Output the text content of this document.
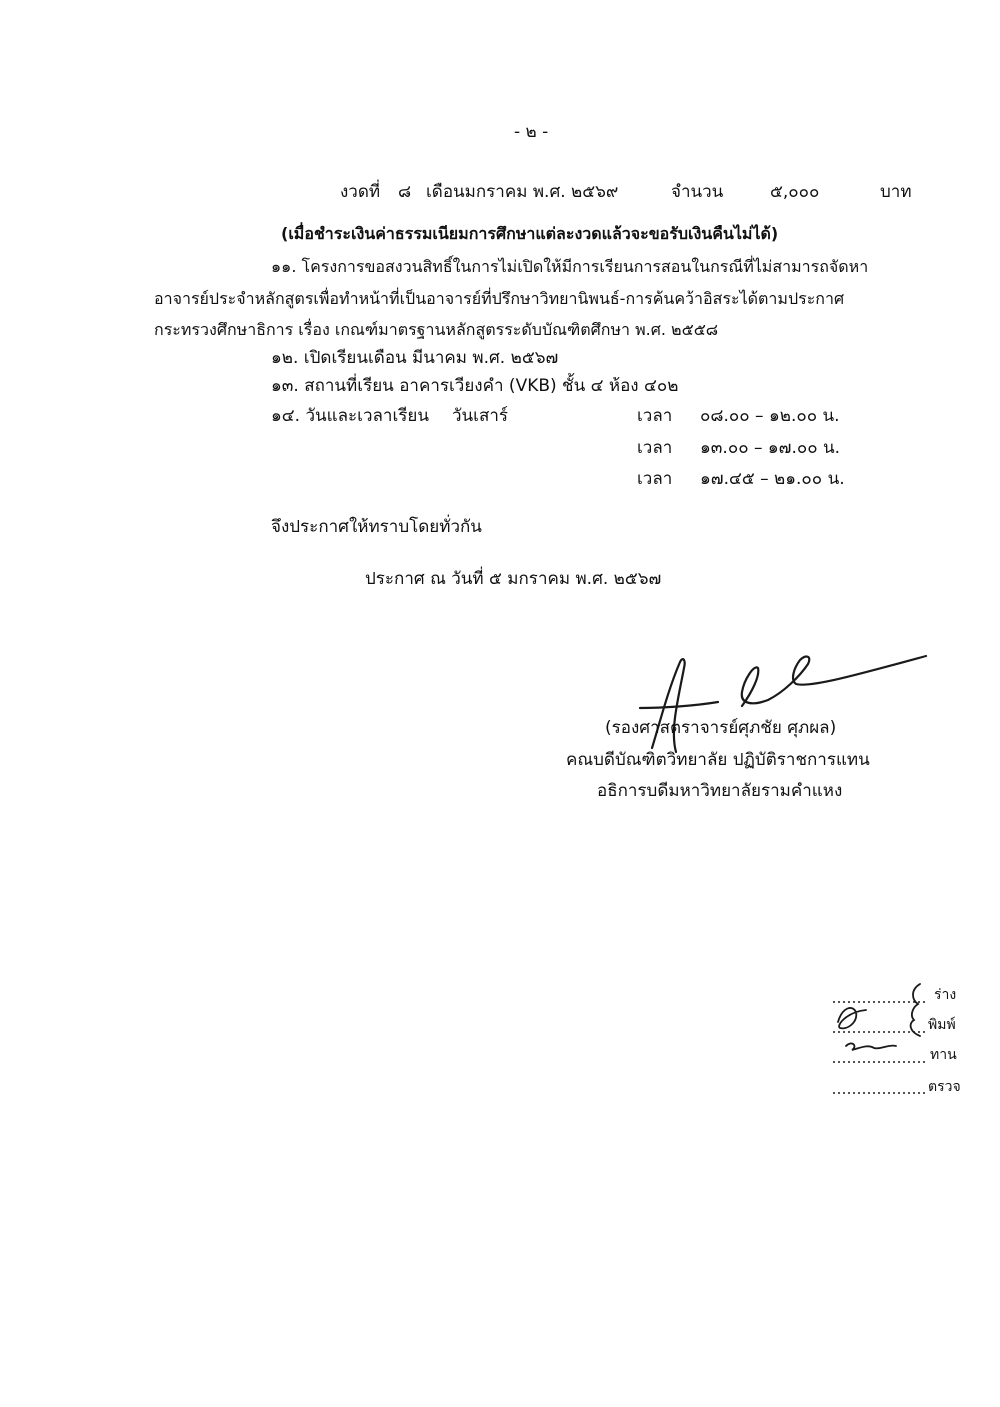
- ๒ -
งวดที่ ๘ เดือนมกราคม พ.ศ. ๒๕๖๙	จำนวน	๕,๐๐๐	บาท
(เมื่อชำระเงินค่าธรรมเนียมการศึกษาแต่ละงวดแล้วจะขอรับเงินคืนไม่ได้)
๑๑. โครงการขอสงวนสิทธิ์ในการไม่เปิดให้มีการเรียนการสอนในกรณีที่ไม่สามารถจัดหา
อาจารย์ประจำหลักสูตรเพื่อทำหน้าที่เป็นอาจารย์ที่ปรึกษาวิทยานิพนธ์-การค้นคว้าอิสระได้ตามประกาศ
กระทรวงศึกษาธิการ เรื่อง เกณฑ์มาตรฐานหลักสูตรระดับบัณฑิตศึกษา พ.ศ. ๒๕๕๘
๑๒. เปิดเรียนเดือน มีนาคม พ.ศ. ๒๕๖๗
๑๓. สถานที่เรียน อาคารเวียงคำ (VKB) ชั้น ๔ ห้อง ๔๐๒
๑๔. วันและเวลาเรียน วันเสาร์	เวลา ๐๘.๐๐ – ๑๒.๐๐ น.
เวลา ๑๓.๐๐ – ๑๗.๐๐ น.
เวลา ๑๗.๔๕ – ๒๑.๐๐ น.
จึงประกาศให้ทราบโดยทั่วกัน
ประกาศ ณ วันที่ ๕ มกราคม พ.ศ. ๒๕๖๗
(รองศาสตราจารย์ศุภชัย ศุภผล)
คณบดีบัณฑิตวิทยาลัย ปฏิบัติราชการแทน
อธิการบดีมหาวิทยาลัยรามคำแหง
ร่าง
พิมพ์
ทาน
ตรวจ
